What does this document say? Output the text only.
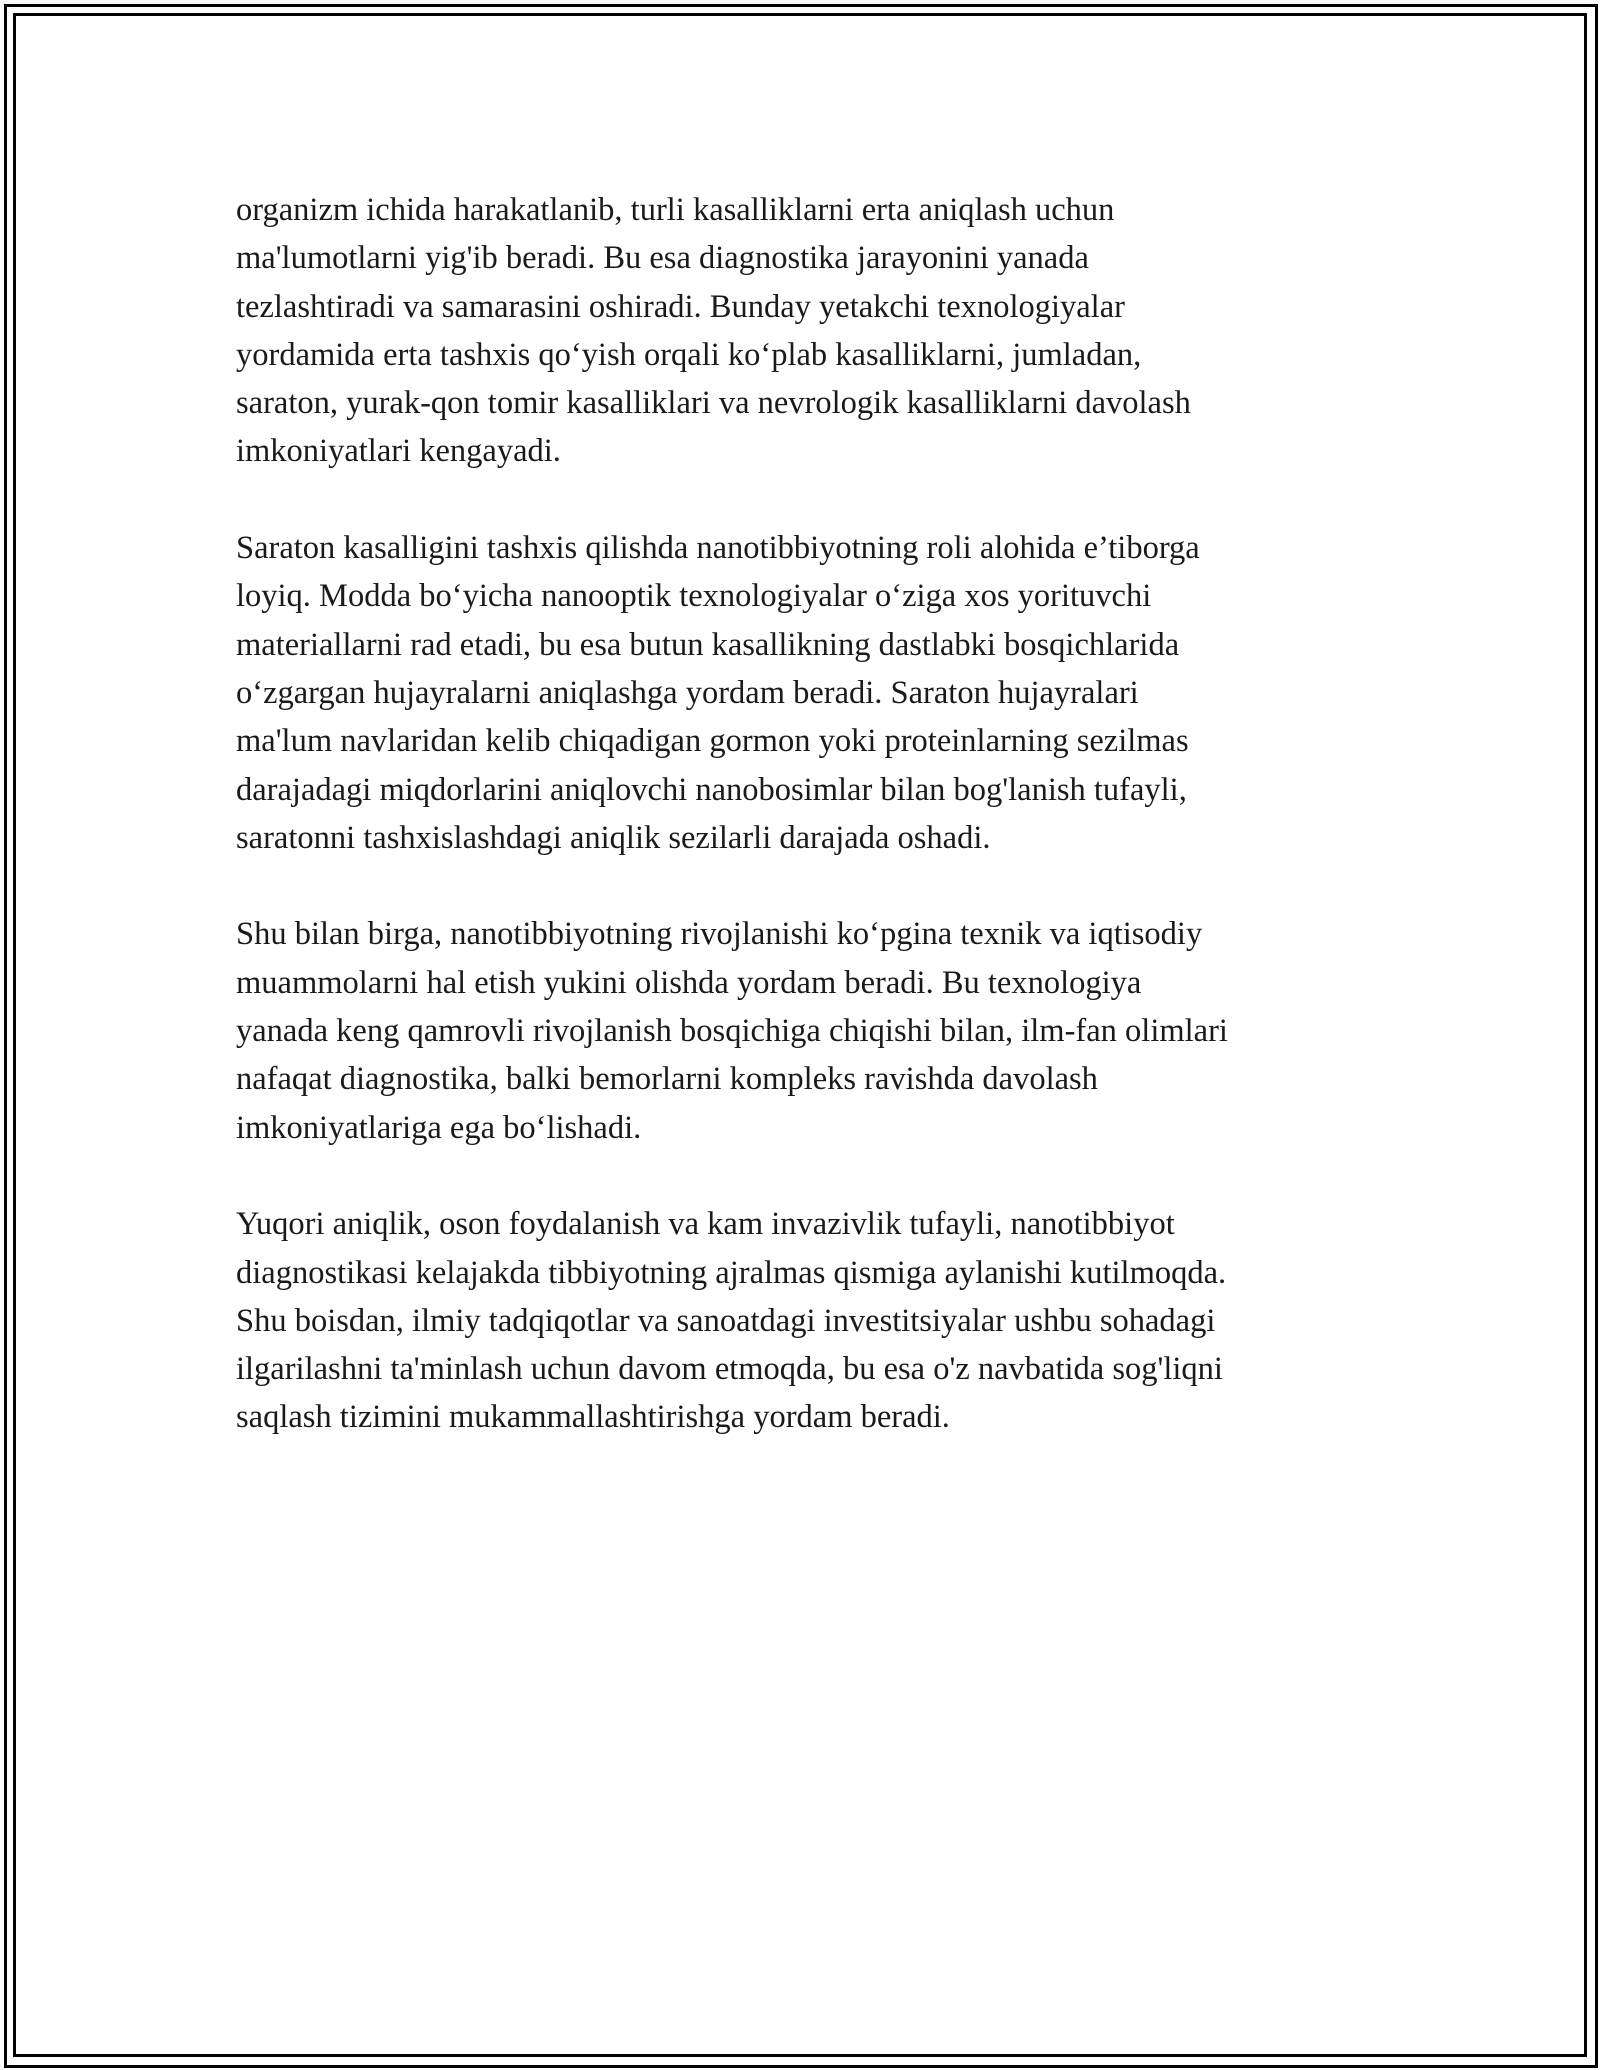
organizm ichida harakatlanib, turli kasalliklarni erta aniqlash uchun
ma'lumotlarni yig'ib beradi. Bu esa diagnostika jarayonini yanada
tezlashtiradi va samarasini oshiradi. Bunday yetakchi texnologiyalar
yordamida erta tashxis qo‘yish orqali ko‘plab kasalliklarni, jumladan,
saraton, yurak-qon tomir kasalliklari va nevrologik kasalliklarni davolash
imkoniyatlari kengayadi.

Saraton kasalligini tashxis qilishda nanotibbiyotning roli alohida e’tiborga
loyiq. Modda bo‘yicha nanooptik texnologiyalar o‘ziga xos yorituvchi
materiallarni rad etadi, bu esa butun kasallikning dastlabki bosqichlarida
o‘zgargan hujayralarni aniqlashga yordam beradi. Saraton hujayralari
ma'lum navlaridan kelib chiqadigan gormon yoki proteinlarning sezilmas
darajadagi miqdorlarini aniqlovchi nanobosimlar bilan bog'lanish tufayli,
saratonni tashxislashdagi aniqlik sezilarli darajada oshadi.

Shu bilan birga, nanotibbiyotning rivojlanishi ko‘pgina texnik va iqtisodiy
muammolarni hal etish yukini olishda yordam beradi. Bu texnologiya
yanada keng qamrovli rivojlanish bosqichiga chiqishi bilan, ilm-fan olimlari
nafaqat diagnostika, balki bemorlarni kompleks ravishda davolash
imkoniyatlariga ega bo‘lishadi.

Yuqori aniqlik, oson foydalanish va kam invazivlik tufayli, nanotibbiyot
diagnostikasi kelajakda tibbiyotning ajralmas qismiga aylanishi kutilmoqda.
Shu boisdan, ilmiy tadqiqotlar va sanoatdagi investitsiyalar ushbu sohadagi
ilgarilashni ta'minlash uchun davom etmoqda, bu esa o'z navbatida sog'liqni
saqlash tizimini mukammallashtirishga yordam beradi.
